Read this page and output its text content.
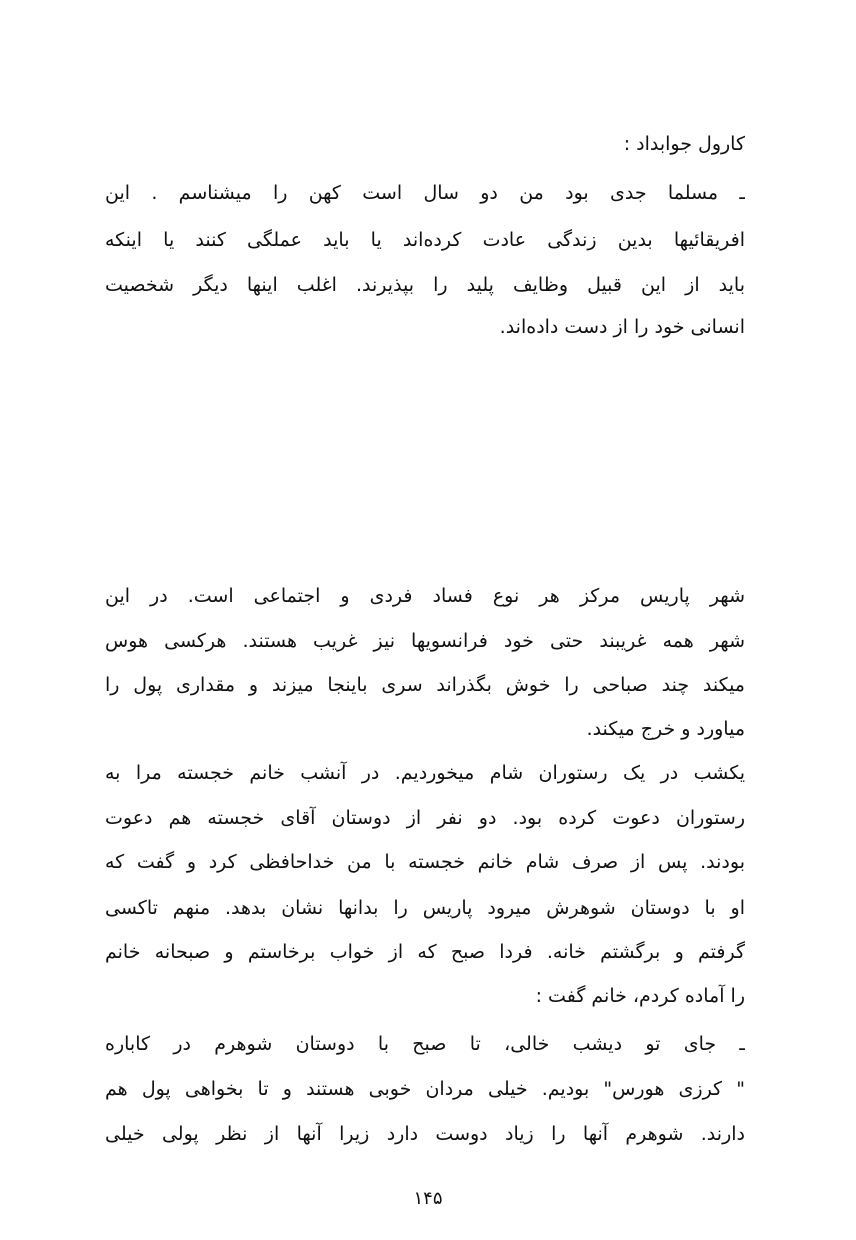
کارول جوابداد :
ـ مسلما جدی بود من دو سال است کهن را میشناسم . این
افریقائیها بدین زندگی عادت کرده‌اند یا باید عملگی کنند یا اینکه
باید از این قبیل وظایف پلید را بپذیرند. اغلب اینها دیگر شخصیت
انسانی خود را از دست داده‌اند.
شهر پاریس مرکز هر نوع فساد فردی و اجتماعی است. در این
شهر همه غریبند حتی خود فرانسویها نیز غریب هستند. هرکسی هوس
میکند چند صباحی را خوش بگذراند سری باینجا میزند و مقداری پول را
میاورد و خرج میکند.
یکشب در یک رستوران شام میخوردیم. در آنشب خانم خجسته مرا به
رستوران دعوت کرده بود. دو نفر از دوستان آقای خجسته هم دعوت
بودند. پس از صرف شام خانم خجسته با من خداحافظی کرد و گفت که
او با دوستان شوهرش میرود پاریس را بدانها نشان بدهد. منهم تاکسی
گرفتم و برگشتم خانه. فردا صبح که از خواب برخاستم و صبحانه خانم
را آماده کردم، خانم گفت :
ـ جای تو دیشب خالی، تا صبح با دوستان شوهرم در کاباره
" کرزی هورس" بودیم. خیلی مردان خوبی هستند و تا بخواهی پول هم
دارند. شوهرم آنها را زیاد دوست دارد زیرا آنها از نظر پولی خیلی
۱۴۵
